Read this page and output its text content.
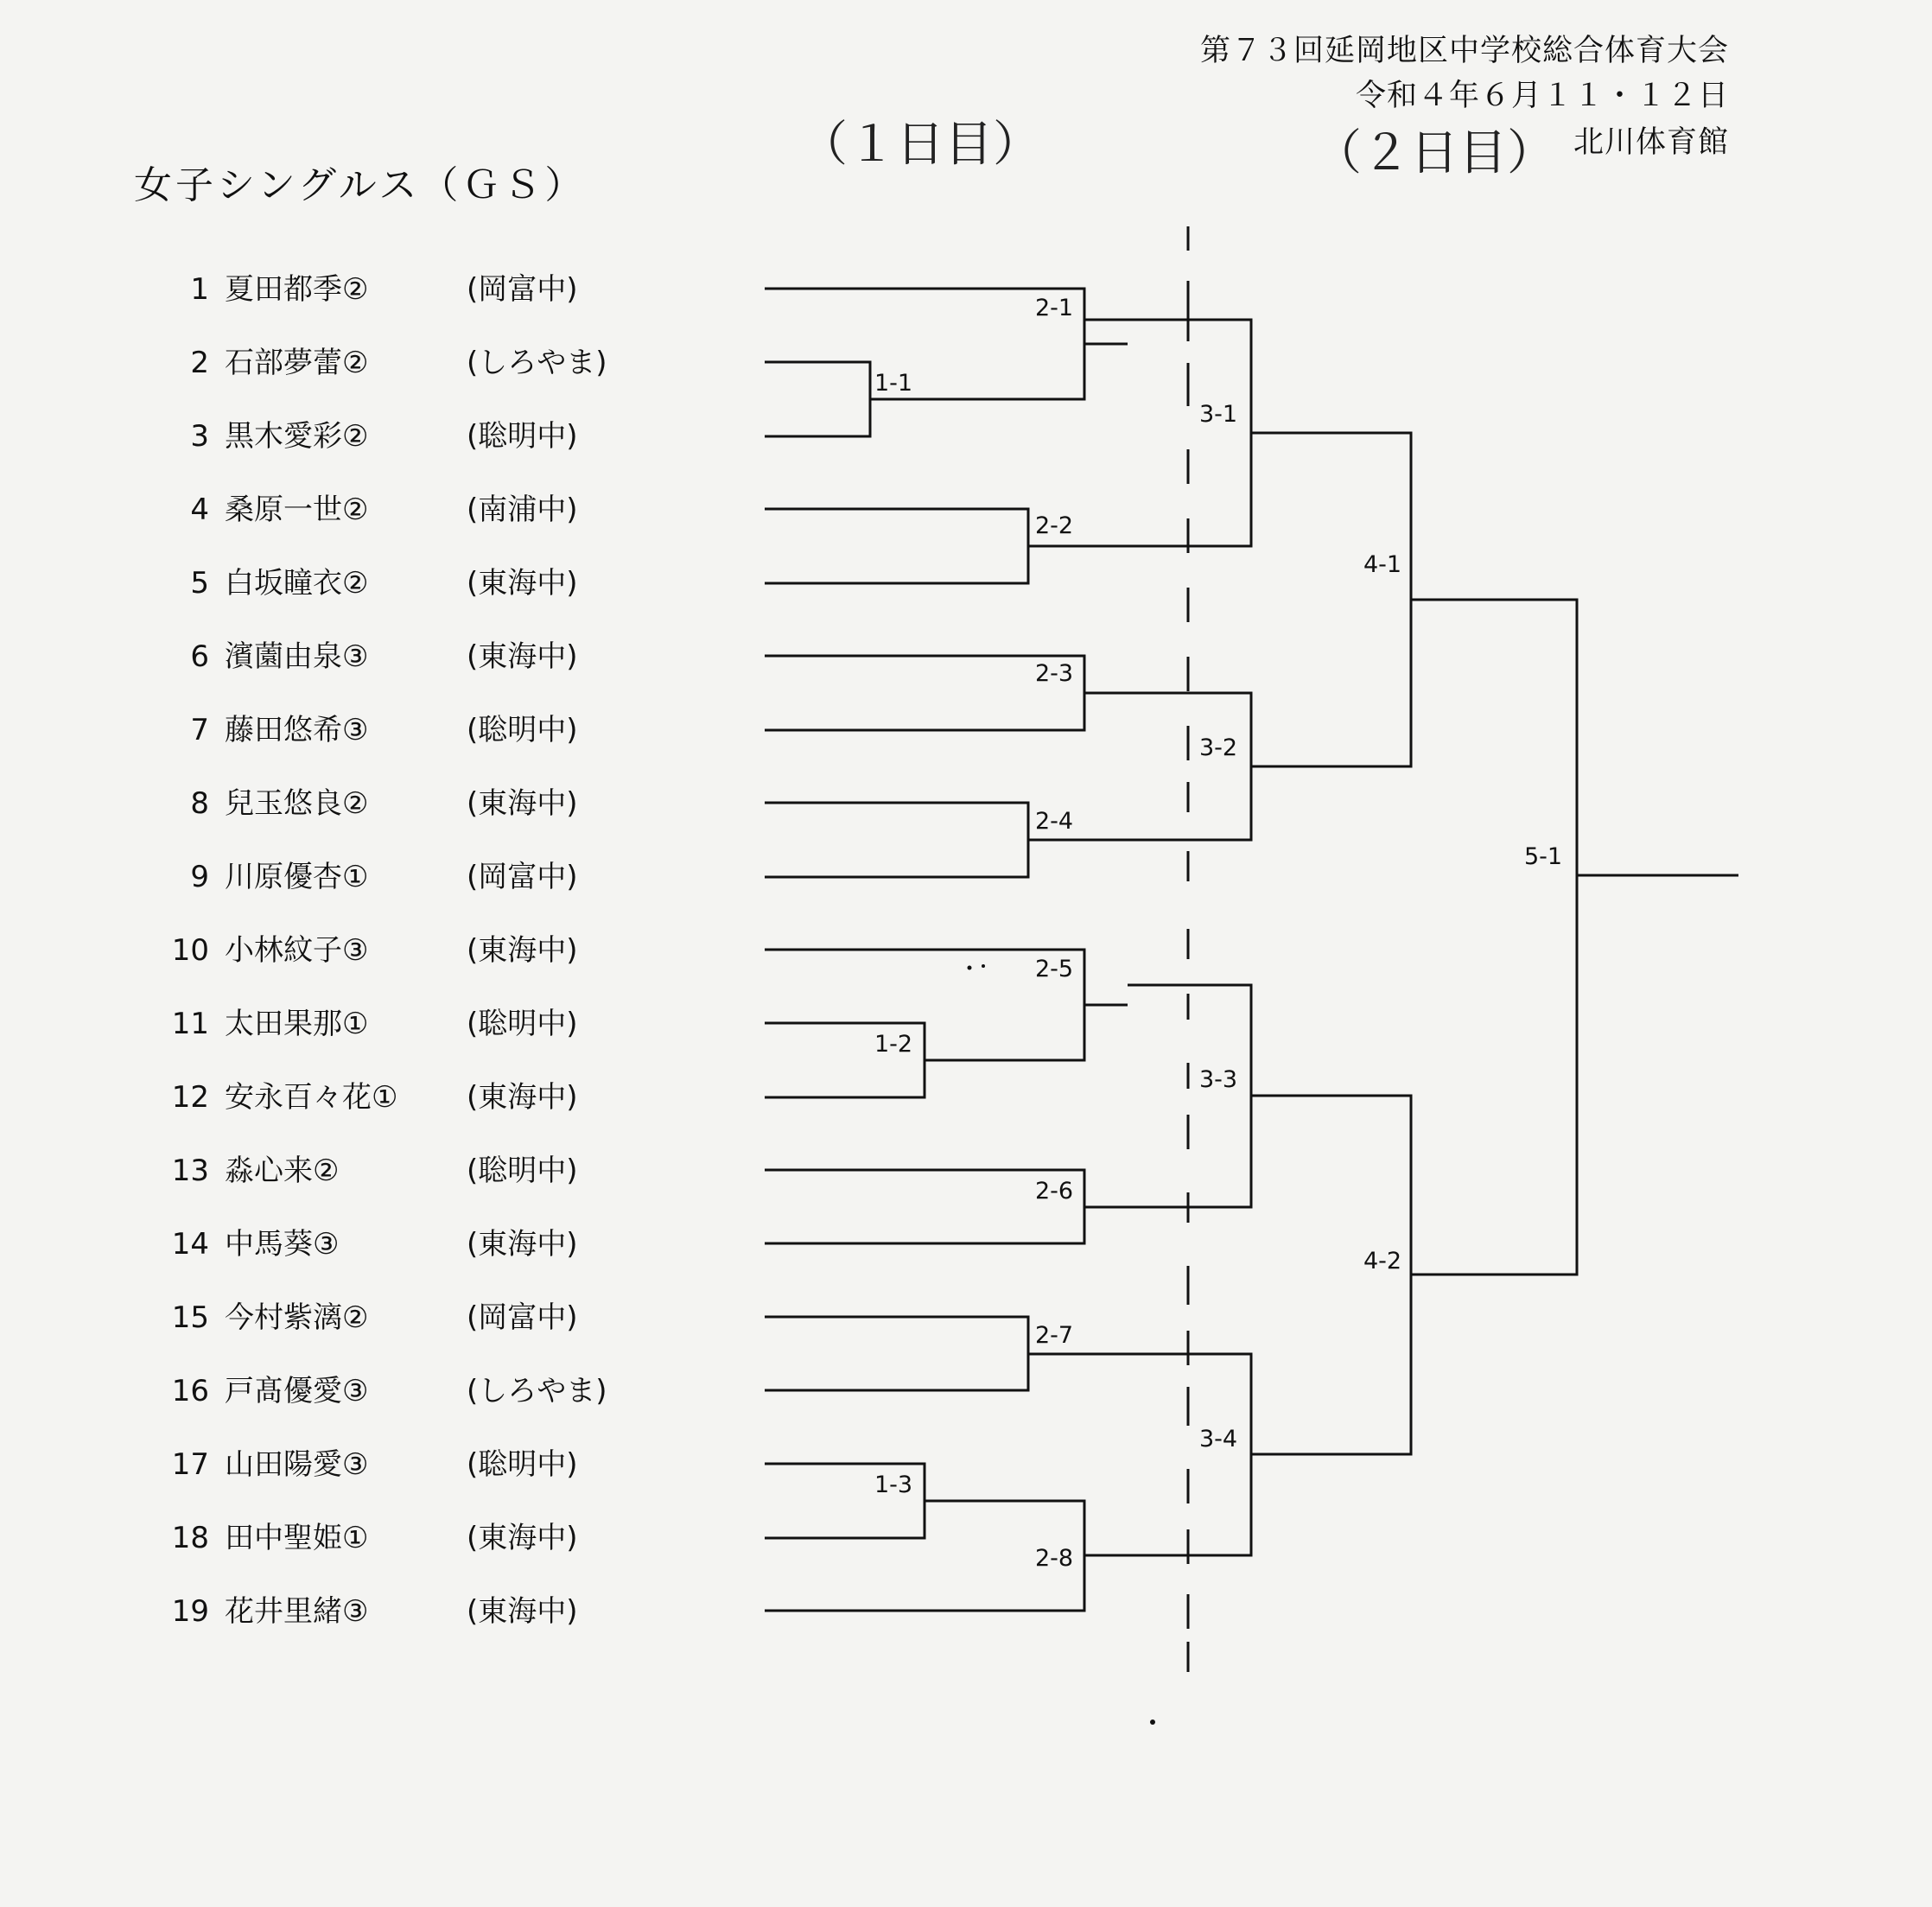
第７３回延岡地区中学校総合体育大会
令和４年６月１１・１２日
北川体育館
（１日目）	（２日目）
女子シングルス（ＧＳ）
1 夏田都季②	(岡富中)
2 石部夢蕾②	(しろやま)
3 黒木愛彩②	(聡明中)
4 桑原一世②	(南浦中)
5 白坂瞳衣②	(東海中)
6 濱薗由泉③	(東海中)
7 藤田悠希③	(聡明中)
8 兒玉悠良②	(東海中)
9 川原優杏①	(岡富中)
10 小林紋子③	(東海中)
11 太田果那①	(聡明中)
12 安永百々花① (東海中)
13 淼心来②	(聡明中)
14 中馬葵③	(東海中)
15 今村紫漓②	(岡富中)
16 戸髙優愛③	(しろやま)
17 山田陽愛③	(聡明中)
18 田中聖姫①	(東海中)
19 花井里緒③	(東海中)
1-1
1-2
1-3
2-1
2-2
2-3
2-4
2-5
2-6
2-7
2-8
3-1
3-2
3-3
3-4
4-1
4-2
5-1
